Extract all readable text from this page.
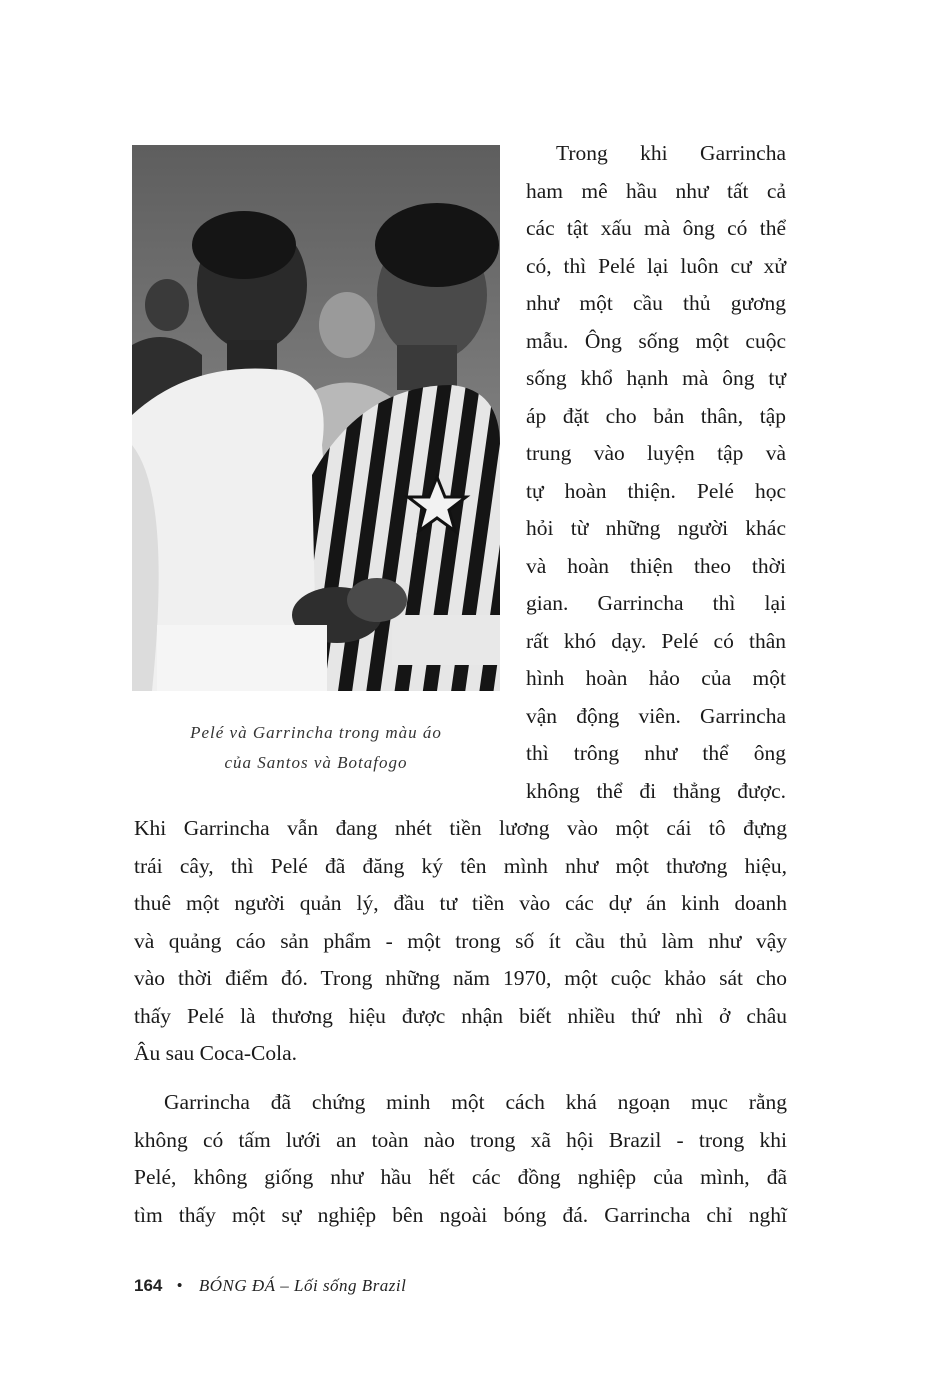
Pelé và Garrincha trong màu áo
của Santos và Botafogo
Trong khi Garrincha
ham mê hầu như tất cả
các tật xấu mà ông có thể
có, thì Pelé lại luôn cư xử
như một cầu thủ gương
mẫu. Ông sống một cuộc
sống khổ hạnh mà ông tự
áp đặt cho bản thân, tập
trung vào luyện tập và
tự hoàn thiện. Pelé học
hỏi từ những người khác
và hoàn thiện theo thời
gian. Garrincha thì lại
rất khó dạy. Pelé có thân
hình hoàn hảo của một
vận động viên. Garrincha
thì trông như thể ông
không thể đi thẳng được.
Khi Garrincha vẫn đang nhét tiền lương vào một cái tô đựng
trái cây, thì Pelé đã đăng ký tên mình như một thương hiệu,
thuê một người quản lý, đầu tư tiền vào các dự án kinh doanh
và quảng cáo sản phẩm - một trong số ít cầu thủ làm như vậy
vào thời điểm đó. Trong những năm 1970, một cuộc khảo sát cho
thấy Pelé là thương hiệu được nhận biết nhiều thứ nhì ở châu
Âu sau Coca-Cola.
Garrincha đã chứng minh một cách khá ngoạn mục rằng
không có tấm lưới an toàn nào trong xã hội Brazil - trong khi
Pelé, không giống như hầu hết các đồng nghiệp của mình, đã
tìm thấy một sự nghiệp bên ngoài bóng đá. Garrincha chỉ nghĩ
164 • BÓNG ĐÁ – Lối sống Brazil
